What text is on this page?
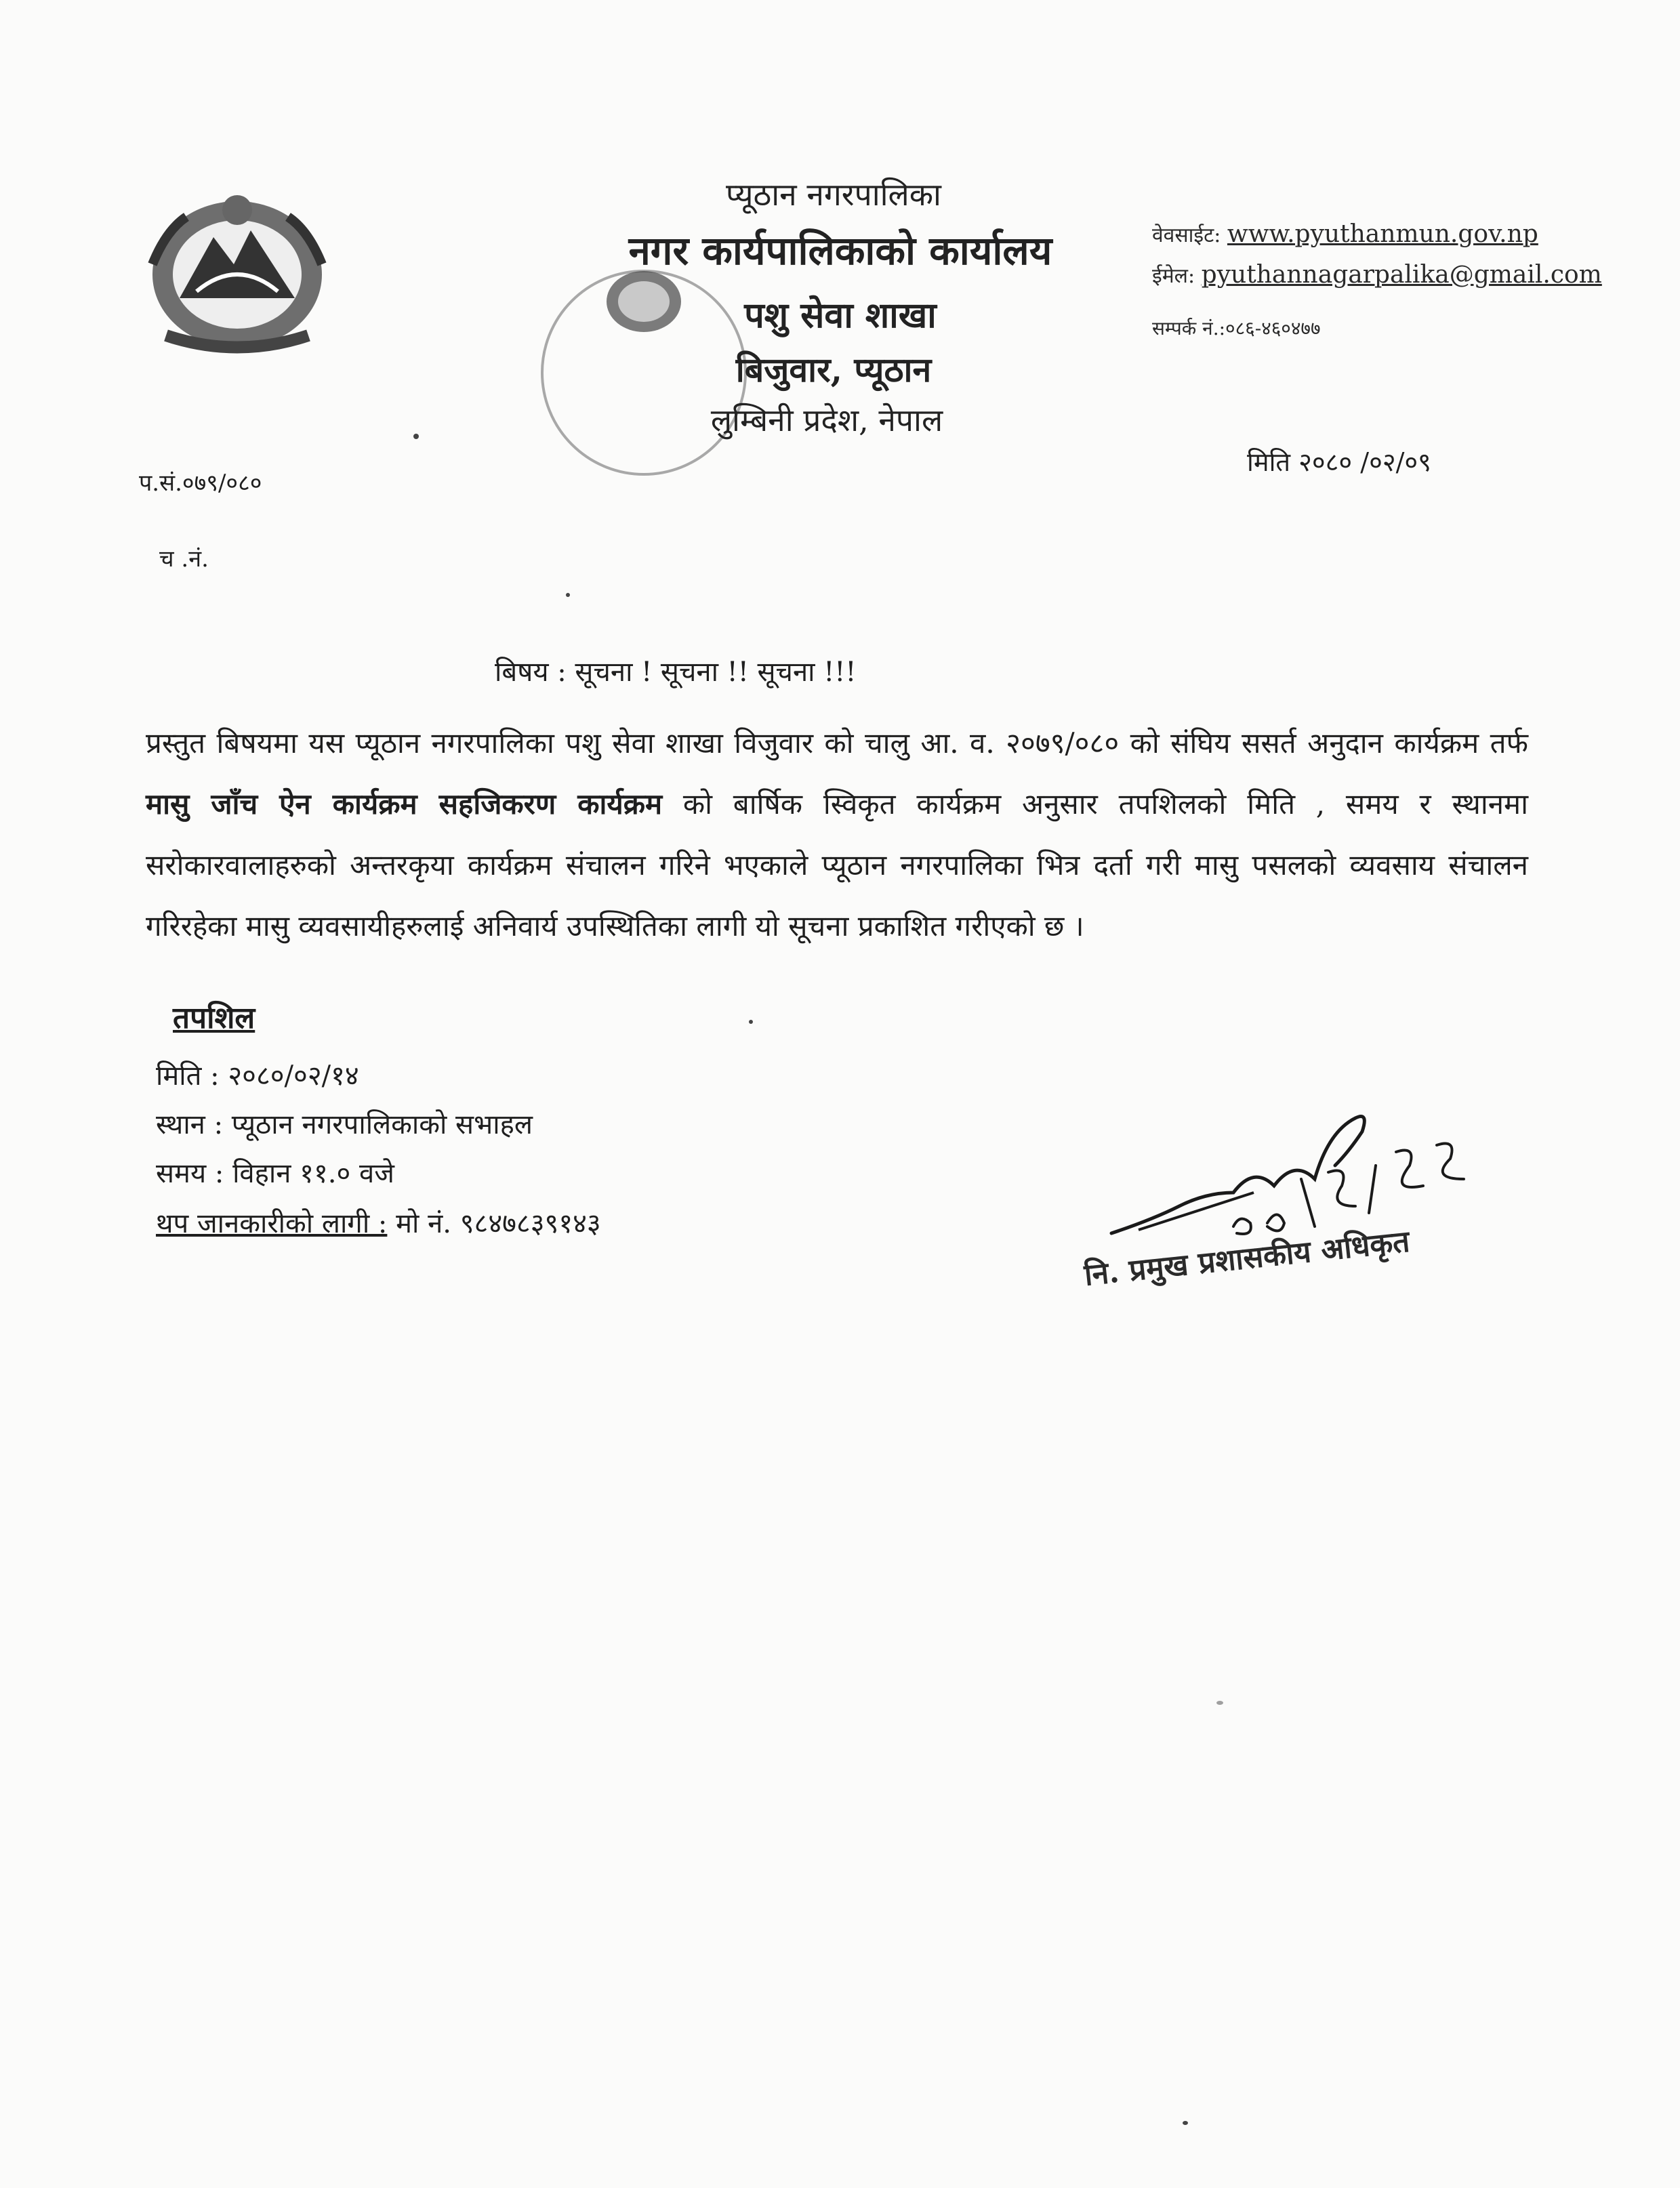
प्यूठान नगरपालिका
नगर कार्यपालिकाको कार्यालय
पशु सेवा शाखा
बिजुवार, प्यूठान
लुम्बिनी प्रदेश, नेपाल
वेवसाईट: www.pyuthanmun.gov.np
ईमेल: pyuthannagarpalika@gmail.com
सम्पर्क नं.:०८६-४६०४७७
प.सं.०७९/०८०
च .नं.
मिति २०८० /०२/०९
बिषय : सूचना ! सूचना !! सूचना !!!
प्रस्तुत बिषयमा यस प्यूठान नगरपालिका पशु सेवा शाखा विजुवार को चालु आ. व. २०७९/०८० को संघिय ससर्त अनुदान कार्यक्रम तर्फ मासु जाँच ऐन कार्यक्रम सहजिकरण कार्यक्रम को बार्षिक स्विकृत कार्यक्रम अनुसार तपशिलको मिति , समय र स्थानमा सरोकारवालाहरुको अन्तरकृया कार्यक्रम संचालन गरिने भएकाले प्यूठान नगरपालिका भित्र दर्ता गरी मासु पसलको व्यवसाय संचालन गरिरहेका मासु व्यवसायीहरुलाई अनिवार्य उपस्थितिका लागी यो सूचना प्रकाशित गरीएको छ ।
तपशिल
मिति : २०८०/०२/१४
स्थान : प्यूठान नगरपालिकाको सभाहल
समय : विहान ११.० वजे
थप जानकारीको लागी : मो नं. ९८४७८३९१४३
नि. प्रमुख प्रशासकीय अधिकृत
